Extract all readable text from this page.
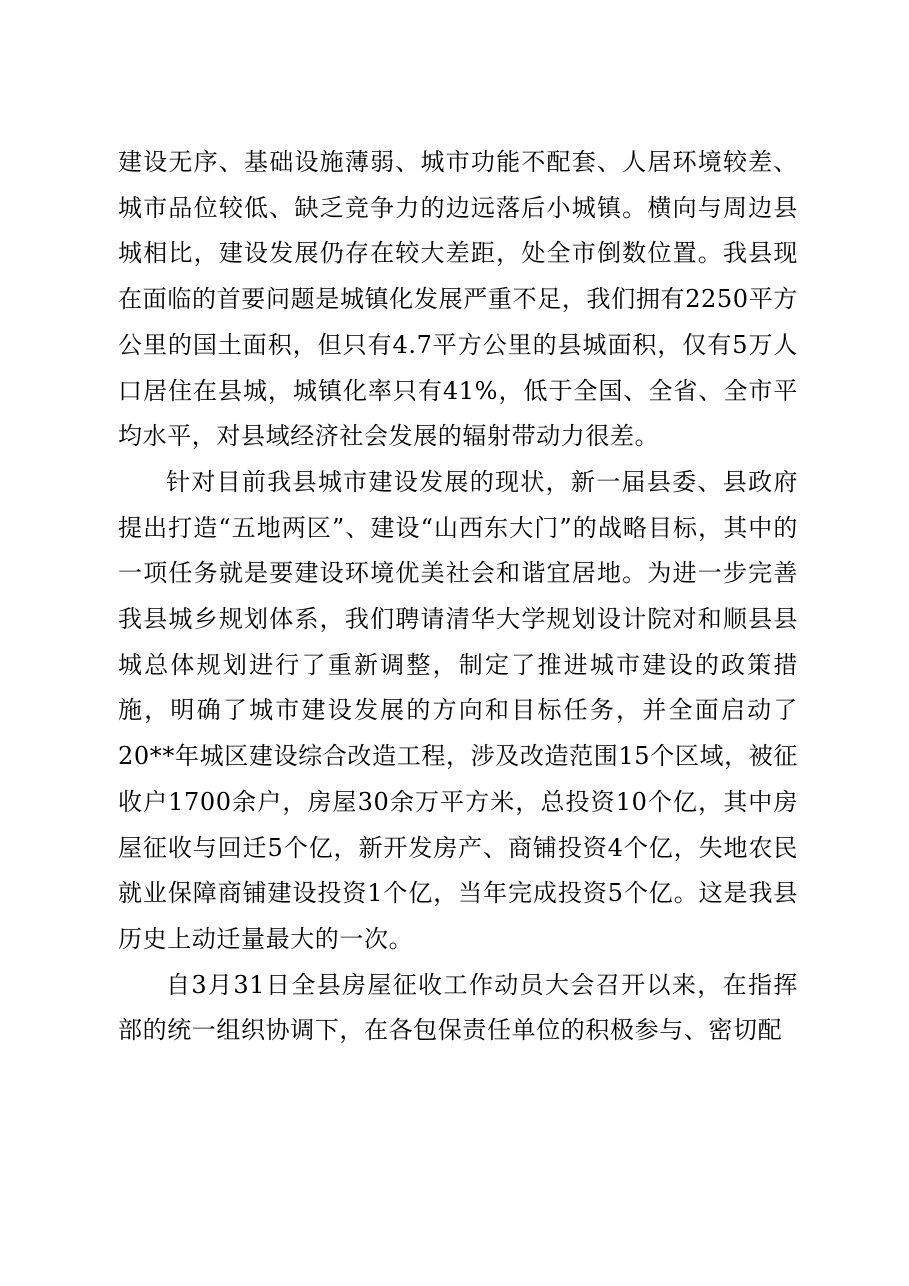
建设无序、基础设施薄弱、城市功能不配套、人居环境较差、城市品位较低、缺乏竞争力的边远落后小城镇。横向与周边县城相比，建设发展仍存在较大差距，处全市倒数位置。我县现在面临的首要问题是城镇化发展严重不足，我们拥有2250平方公里的国土面积，但只有4.7平方公里的县城面积，仅有5万人口居住在县城，城镇化率只有41%，低于全国、全省、全市平均水平，对县域经济社会发展的辐射带动力很差。

针对目前我县城市建设发展的现状，新一届县委、县政府提出打造“五地两区”、建设“山西东大门”的战略目标，其中的一项任务就是要建设环境优美社会和谐宜居地。为进一步完善我县城乡规划体系，我们聘请清华大学规划设计院对和顺县县城总体规划进行了重新调整，制定了推进城市建设的政策措施，明确了城市建设发展的方向和目标任务，并全面启动了20**年城区建设综合改造工程，涉及改造范围15个区域，被征收户1700余户，房屋30余万平方米，总投资10个亿，其中房屋征收与回迁5个亿，新开发房产、商铺投资4个亿，失地农民就业保障商铺建设投资1个亿，当年完成投资5个亿。这是我县历史上动迁量最大的一次。

自3月31日全县房屋征收工作动员大会召开以来，在指挥部的统一组织协调下，在各包保责任单位的积极参与、密切配
